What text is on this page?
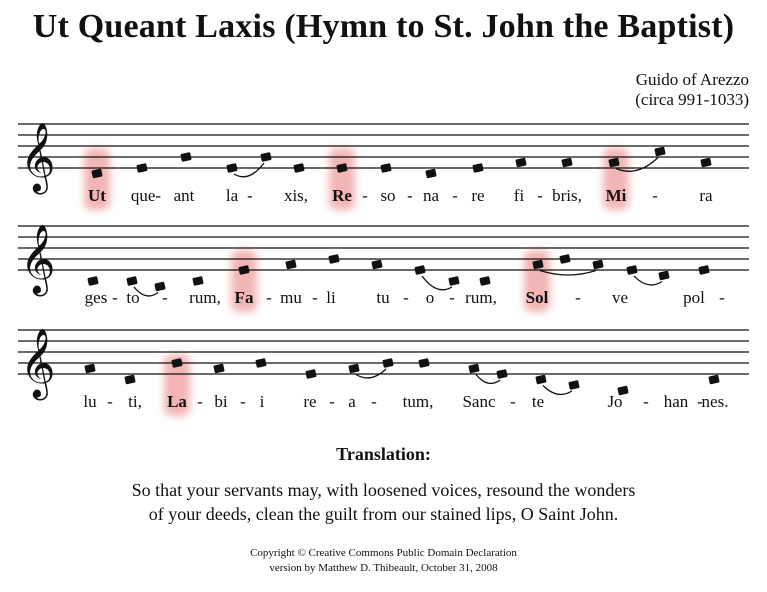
Ut Queant Laxis (Hymn to St. John the Baptist)
Guido of Arezzo
(circa 991-1033)
𝄞
Ut que- ant la - xis, Re - so - na - re fi - bris, Mi - ra
𝄞
ges - to - rum, Fa - mu - li tu - o - rum, Sol - ve	pol -
𝄞
lu - ti, La - bi - i re - a - tum, Sanc - te	Jo - han -
nes.
Translation:
So that your servants may, with loosened voices, resound the wonders
of your deeds, clean the guilt from our stained lips, O Saint John.
Copyright © Creative Commons Public Domain Declaration
version by Matthew D. Thibeault, October 31, 2008
